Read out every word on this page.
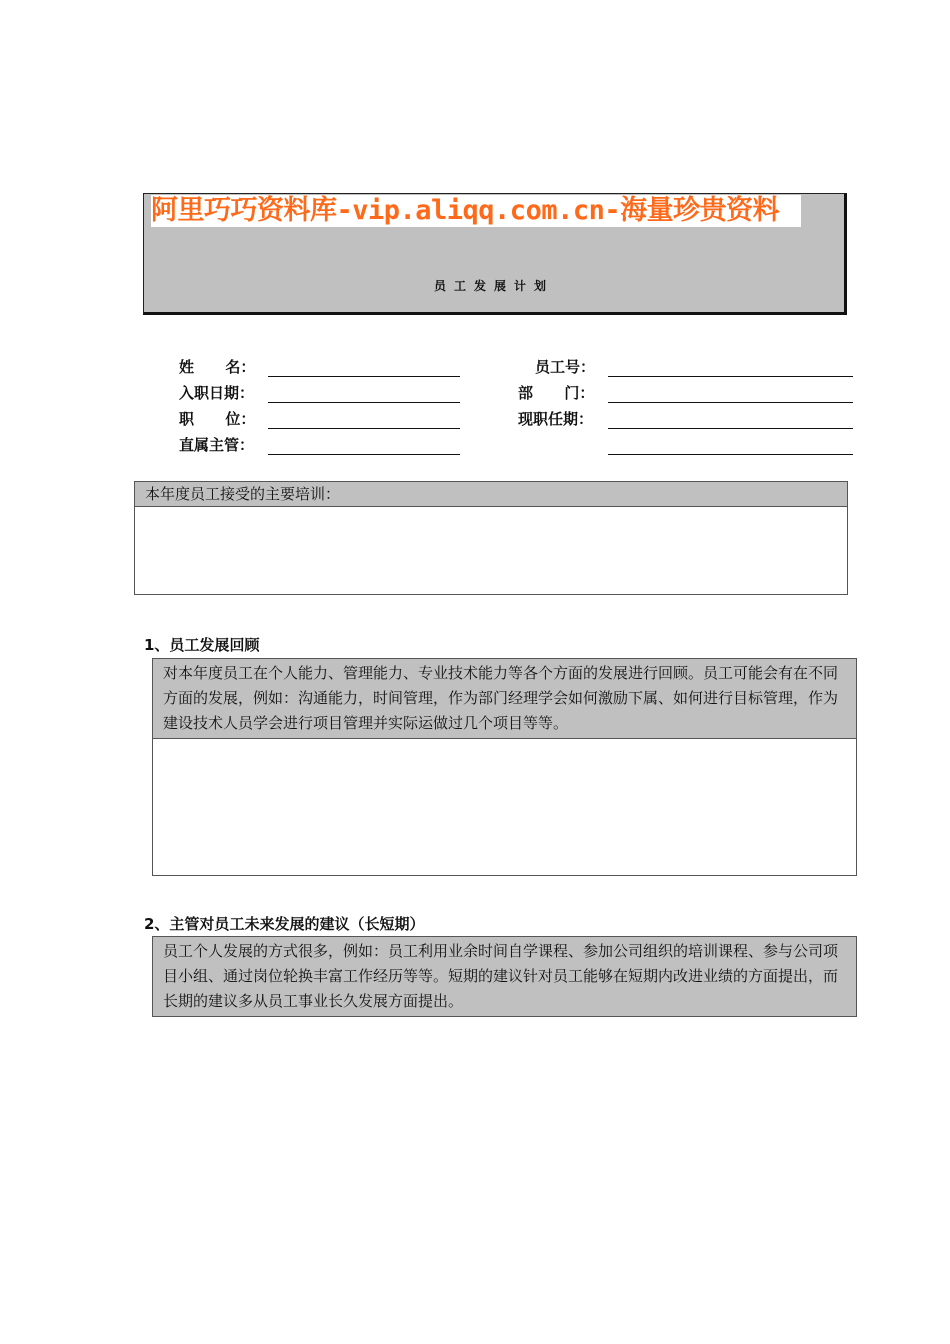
阿里巧巧资料库-vip.aliqq.com.cn-海量珍贵资料
员工发展计划
姓      名：	员工号：
入职日期：	部      门：
职      位：	现职任期：
直属主管：
本年度员工接受的主要培训：
1、员工发展回顾
对本年度员工在个人能力、管理能力、专业技术能力等各个方面的发展进行回顾。员工可能会有在不同方面的发展，例如：沟通能力，时间管理，作为部门经理学会如何激励下属、如何进行目标管理，作为建设技术人员学会进行项目管理并实际运做过几个项目等等。
2、主管对员工未来发展的建议（长短期）
员工个人发展的方式很多，例如：员工利用业余时间自学课程、参加公司组织的培训课程、参与公司项目小组、通过岗位轮换丰富工作经历等等。短期的建议针对员工能够在短期内改进业绩的方面提出，而长期的建议多从员工事业长久发展方面提出。
